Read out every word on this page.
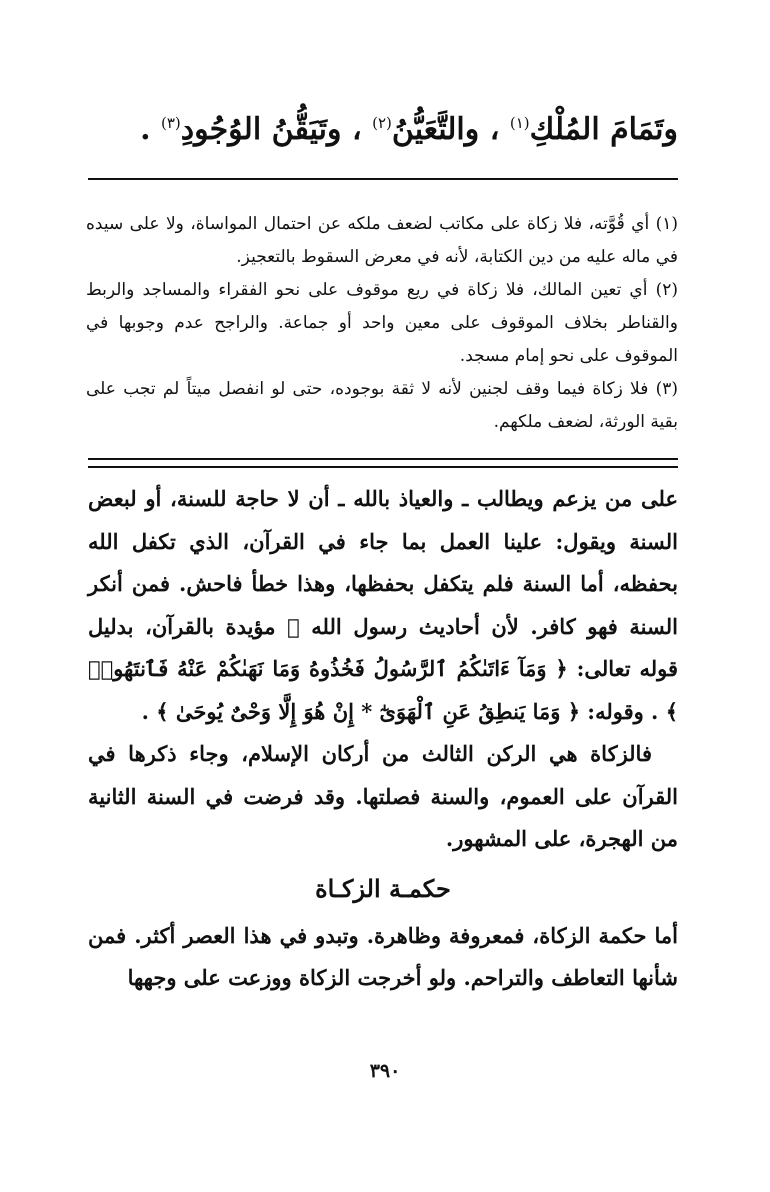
وتَمَامَ المُلْكِ$^{(١)}$ ، والتَّعَيُّنُ$^{(٢)}$ ، وتَيَقُّنُ الوُجُودِ$^{(٣)}$ .

(١) أي قُوَّته، فلا زكاة على مكاتب لضعف ملكه عن احتمال المواساة، ولا على سيده في ماله عليه من دين الكتابة، لأنه في معرض السقوط بالتعجيز.

(٢) أي تعين المالك، فلا زكاة في ريع موقوف على نحو الفقراء والمساجد والربط والقناطر بخلاف الموقوف على معين واحد أو جماعة. والراجح عدم وجوبها في الموقوف على نحو إمام مسجد.

(٣) فلا زكاة فيما وقف لجنين لأنه لا ثقة بوجوده، حتى لو انفصل ميتاً لم تجب على بقية الورثة، لضعف ملكهم.

على من يزعم ويطالب ـ والعياذ بالله ـ أن لا حاجة للسنة، أو لبعض السنة ويقول: علينا العمل بما جاء في القرآن، الذي تكفل الله بحفظه، أما السنة فلم يتكفل بحفظها، وهذا خطأ فاحش. فمن أنكر السنة فهو كافر. لأن أحاديث رسول الله ﷺ مؤيدة بالقرآن، بدليل قوله تعالى: ﴿ وَمَآ ءَاتَىٰكُمُ ٱلرَّسُولُ فَخُذُوهُ وَمَا نَهَىٰكُمْ عَنْهُ فَٱنتَهُوا۟ ﴾ . وقوله: ﴿ وَمَا يَنطِقُ عَنِ ٱلْهَوَىٰٓ * إِنْ هُوَ إِلَّا وَحْىٌ يُوحَىٰ ﴾ .

فالزكاة هي الركن الثالث من أركان الإسلام، وجاء ذكرها في القرآن على العموم، والسنة فصلتها. وقد فرضت في السنة الثانية من الهجرة، على المشهور.

حكمـة الزكـاة

أما حكمة الزكاة، فمعروفة وظاهرة. وتبدو في هذا العصر أكثر. فمن شأنها التعاطف والتراحم. ولو أخرجت الزكاة ووزعت على وجهها

٣٩٠
